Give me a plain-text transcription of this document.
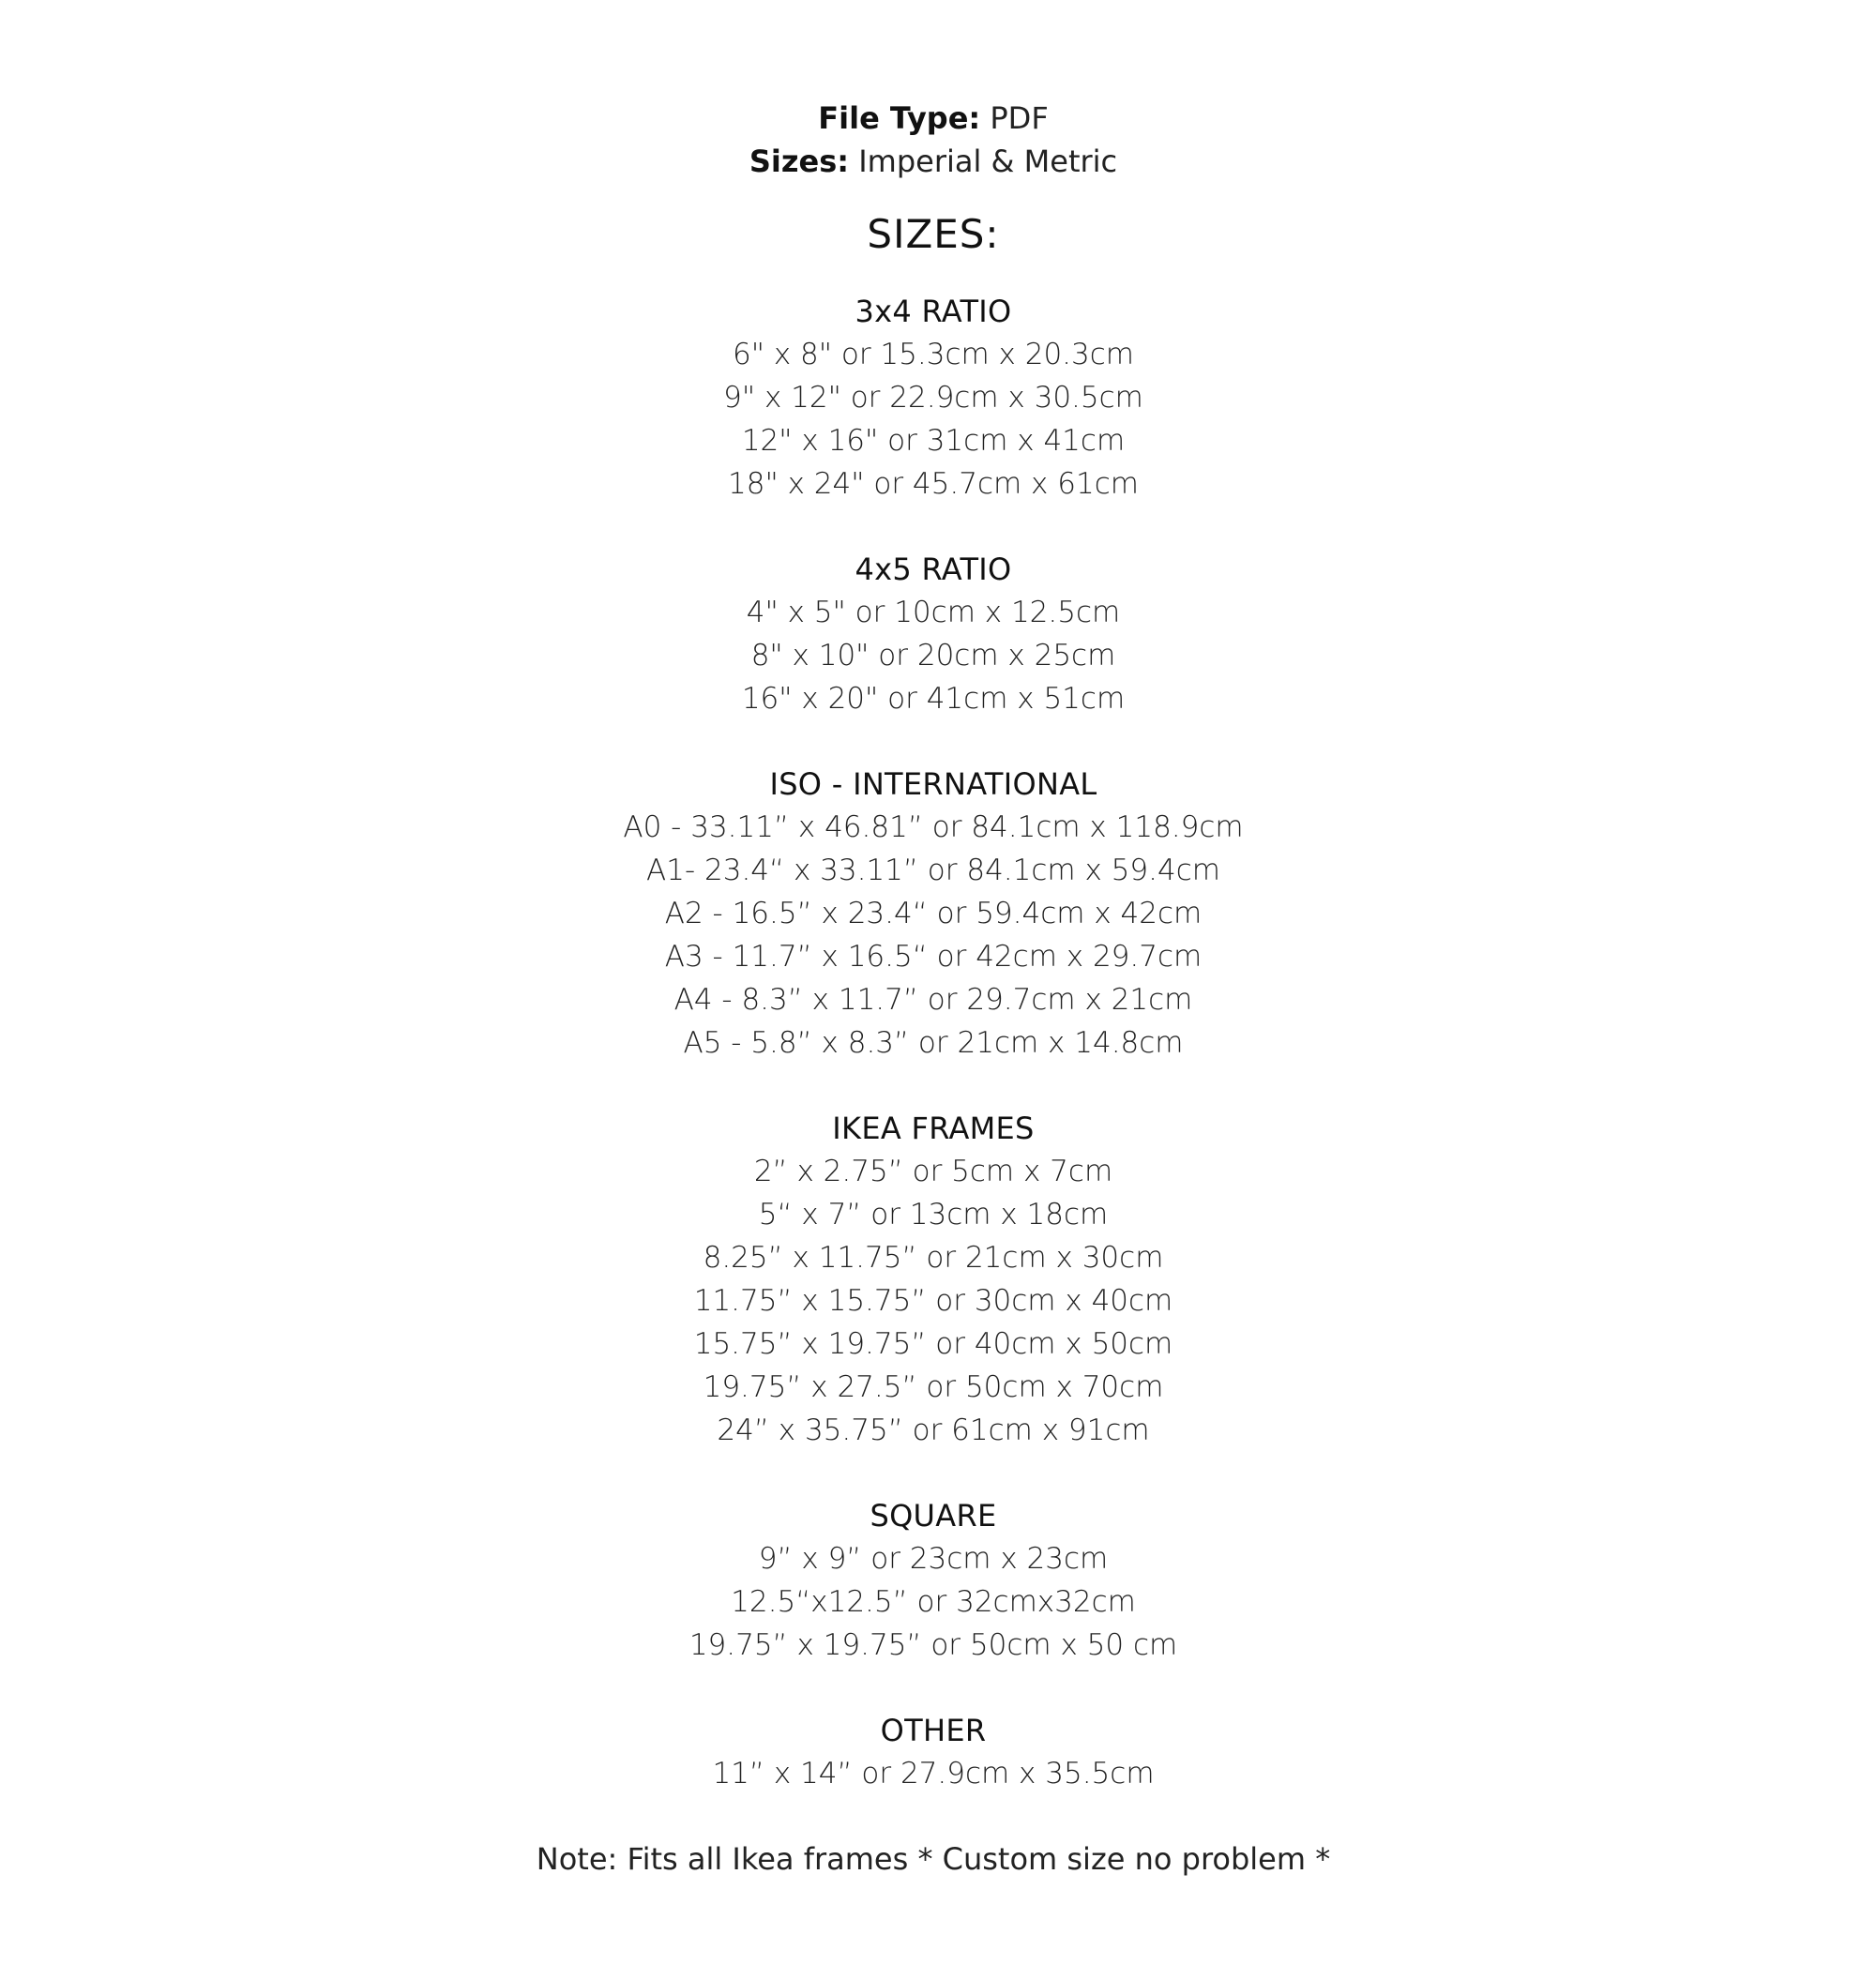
File Type: PDF
Sizes: Imperial & Metric
SIZES:
3x4 RATIO
6" x 8" or 15.3cm x 20.3cm
9" x 12" or 22.9cm x 30.5cm
12" x 16" or 31cm x 41cm
18" x 24" or 45.7cm x 61cm
4x5 RATIO
4" x 5" or 10cm x 12.5cm
8" x 10" or 20cm x 25cm
16" x 20" or 41cm x 51cm
ISO - INTERNATIONAL
A0 - 33.11” x 46.81” or 84.1cm x 118.9cm
A1- 23.4“ x 33.11” or 84.1cm x 59.4cm
A2 - 16.5” x 23.4“ or 59.4cm x 42cm
A3 - 11.7” x 16.5“ or 42cm x 29.7cm
A4 - 8.3” x 11.7” or 29.7cm x 21cm
A5 - 5.8” x 8.3” or 21cm x 14.8cm
IKEA FRAMES
2” x 2.75” or 5cm x 7cm
5“ x 7” or 13cm x 18cm
8.25” x 11.75” or 21cm x 30cm
11.75” x 15.75” or 30cm x 40cm
15.75” x 19.75” or 40cm x 50cm
19.75” x 27.5” or 50cm x 70cm
24” x 35.75” or 61cm x 91cm
SQUARE
9” x 9” or 23cm x 23cm
12.5“x12.5” or 32cmx32cm
19.75” x 19.75” or 50cm x 50 cm
OTHER
11” x 14” or 27.9cm x 35.5cm
Note: Fits all Ikea frames * Custom size no problem *
